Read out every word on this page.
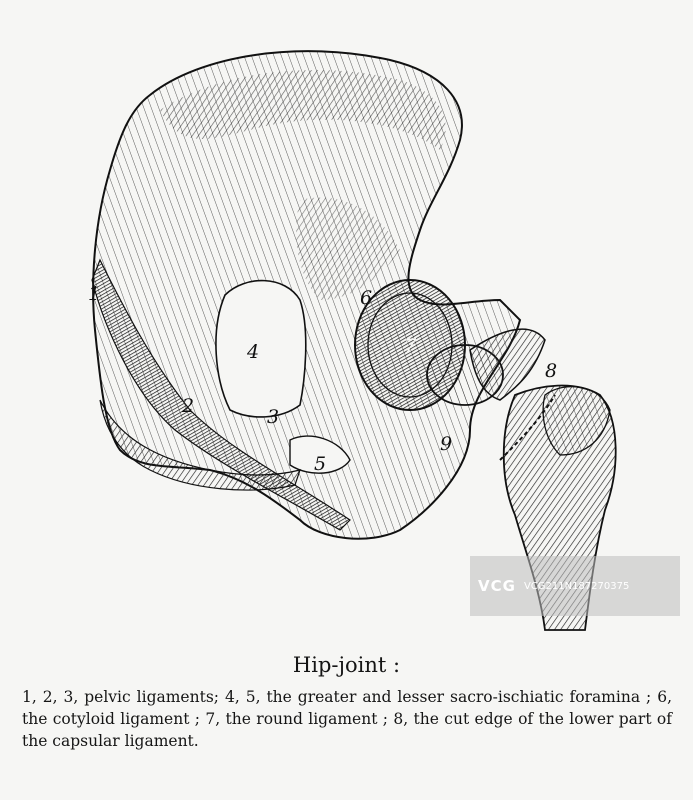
1
2	3
4
5
6
7
8
9
VCG VCG211N187270375
Hip-joint :
1, 2, 3, pelvic ligaments; 4, 5, the greater and lesser sacro-ischiatic foramina ; 6, the cotyloid ligament ; 7, the round ligament ; 8, the cut edge of the lower part of the capsular ligament.
